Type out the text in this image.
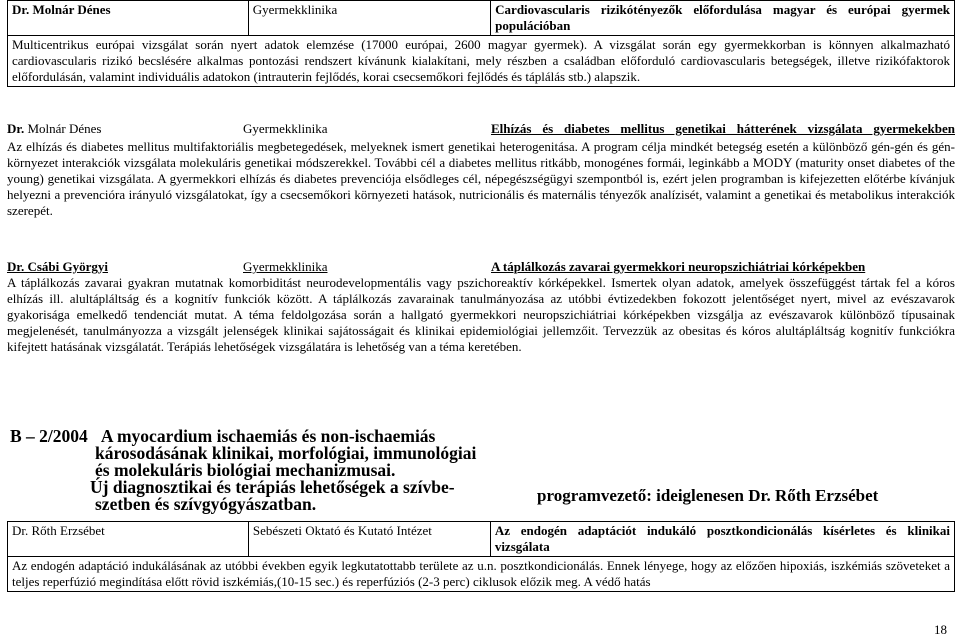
Dr. Molnár Dénes	Gyermekklinika	Cardiovascularis rizikótényezők előfordulása magyar és európai gyermek populációban
Multicentrikus európai vizsgálat során nyert adatok elemzése (17000 európai, 2600 magyar gyermek). A vizsgálat során egy gyermekkorban is könnyen alkalmazható cardiovascularis rizikó becslésére alkalmas pontozási rendszert kívánunk kialakítani, mely részben a családban előforduló cardiovascularis betegségek, illetve rizikófaktorok előfordulásán, valamint individuális adatokon (intrauterin fejlődés, korai csecsemőkori fejlődés és táplálás stb.) alapszik.
Dr. Molnár Dénes	Gyermekklinika	Elhízás és diabetes mellitus genetikai hátterének vizsgálata gyermekekben
Az elhízás és diabetes mellitus multifaktoriális megbetegedések, melyeknek ismert genetikai heterogenitása. A program célja mindkét betegség esetén a különböző gén-gén és gén-környezet interakciók vizsgálata molekuláris genetikai módszerekkel. További cél a diabetes mellitus ritkább, monogénes formái, leginkább a MODY (maturity onset diabetes of the young) genetikai vizsgálata. A gyermekkori elhízás és diabetes prevenciója elsődleges cél, népegészségügyi szempontból is, ezért jelen programban is kifejezetten előtérbe kívánjuk helyezni a prevencióra irányuló vizsgálatokat, így a csecsemőkori környezeti hatások, nutricionális és maternális tényezők analízisét, valamint a genetikai és metabolikus interakciók szerepét.
Dr. Csábi Györgyi	Gyermekklinika	A táplálkozás zavarai gyermekkori neuropszichiátriai kórképekben
A táplálkozás zavarai gyakran mutatnak komorbiditást neurodevelopmentális vagy pszichoreaktív kórképekkel. Ismertek olyan adatok, amelyek összefüggést tártak fel a kóros elhízás ill. alultápláltság és a kognitív funkciók között. A táplálkozás zavarainak tanulmányozása az utóbbi évtizedekben fokozott jelentőséget nyert, mivel az evészavarok gyakorisága emelkedő tendenciát mutat. A téma feldolgozása során a hallgató gyermekkori neuropszichiátriai kórképekben vizsgálja az evészavarok különböző típusainak megjelenését, tanulmányozza a vizsgált jelenségek klinikai sajátosságait és klinikai epidemiológiai jellemzőit. Tervezzük az obesitas és kóros alultápláltság kognitív funkciókra kifejtett hatásának vizsgálatát. Terápiás lehetőségek vizsgálatára is lehetőség van a téma keretében.
B – 2/2004 A myocardium ischaemiás és non-ischaemiás
károsodásának klinikai, morfológiai, immunológiai
és molekuláris biológiai mechanizmusai.
Új diagnosztikai és terápiás lehetőségek a szívbe-
szetben és szívgyógyászatban.	programvezető: ideiglenesen Dr. Rőth Erzsébet
Dr. Rőth Erzsébet	Sebészeti Oktató és Kutató Intézet	Az endogén adaptációt indukáló posztkondicionálás kísérletes és klinikai vizsgálata
Az endogén adaptáció indukálásának az utóbbi években egyik legkutatottabb területe az u.n. posztkondicionálás. Ennek lényege, hogy az előzően hipoxiás, iszkémiás szöveteket a teljes reperfúzió megindítása előtt rövid iszkémiás,(10-15 sec.) és reperfúziós (2-3 perc) ciklusok előzik meg. A védő hatás
18
